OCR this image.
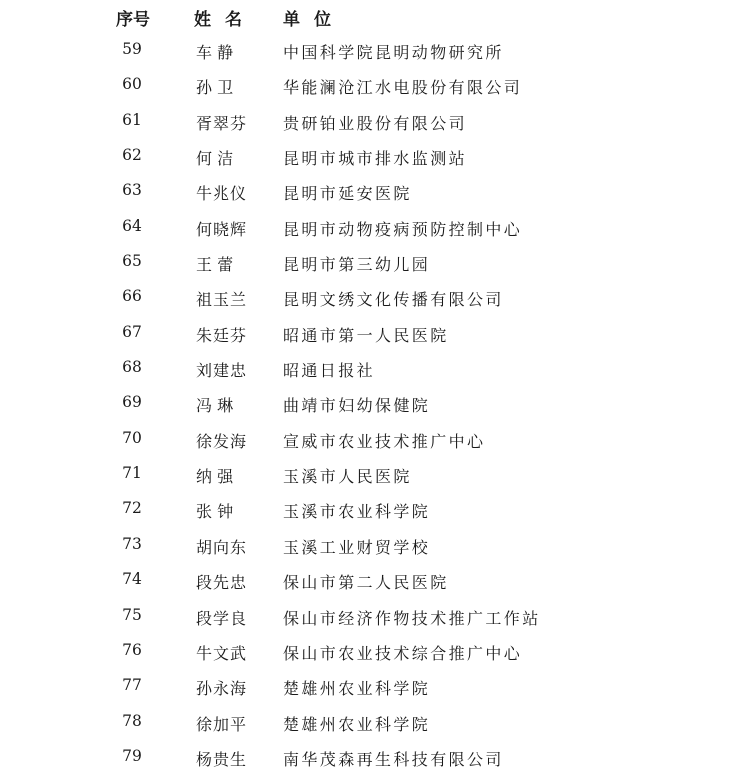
序号	姓名 单位
59	车 静	中国科学院昆明动物研究所
60	孙 卫	华能澜沧江水电股份有限公司
61	胥翠芬 贵研铂业股份有限公司
62	何 洁	昆明市城市排水监测站
63	牛兆仪 昆明市延安医院
64	何晓辉 昆明市动物疫病预防控制中心
65	王 蕾	昆明市第三幼儿园
66	祖玉兰 昆明文绣文化传播有限公司
67	朱廷芬 昭通市第一人民医院
68	刘建忠 昭通日报社
69	冯 琳	曲靖市妇幼保健院
70	徐发海 宣威市农业技术推广中心
71	纳 强	玉溪市人民医院
72	张 钟	玉溪市农业科学院
73	胡向东 玉溪工业财贸学校
74	段先忠 保山市第二人民医院
75	段学良 保山市经济作物技术推广工作站
76	牛文武 保山市农业技术综合推广中心
77	孙永海 楚雄州农业科学院
78	徐加平 楚雄州农业科学院
79	杨贵生 南华茂森再生科技有限公司
